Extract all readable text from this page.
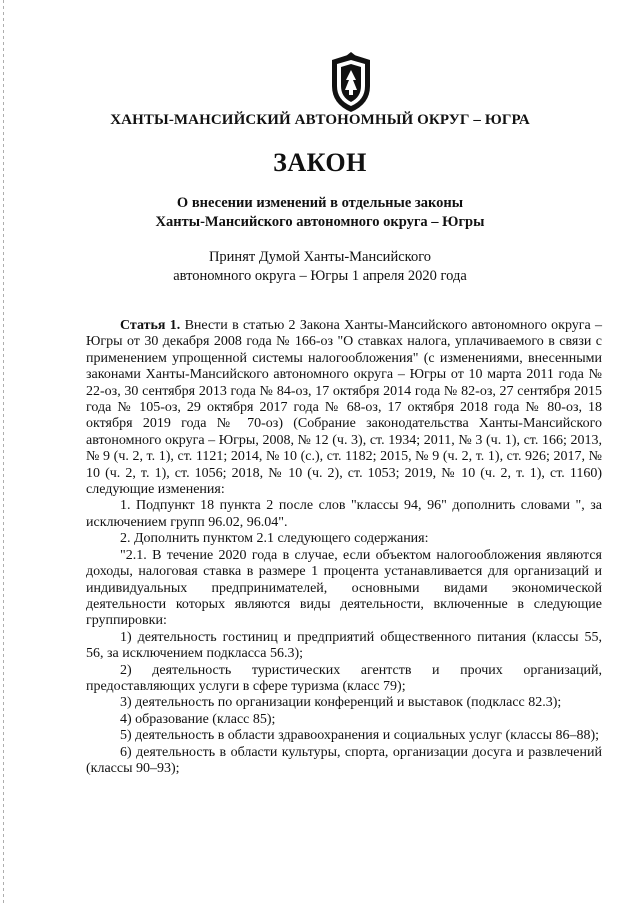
ХАНТЫ-МАНСИЙСКИЙ АВТОНОМНЫЙ ОКРУГ – ЮГРА
ЗАКОН
О внесении изменений в отдельные законы
Ханты-Мансийского автономного округа – Югры
Принят Думой Ханты-Мансийского
автономного округа – Югры 1 апреля 2020 года

Статья 1. Внести в статью 2 Закона Ханты-Мансийского автономного округа – Югры от 30 декабря 2008 года № 166-оз "О ставках налога, уплачиваемого в связи с применением упрощенной системы налогообложения" (с изменениями, внесенными законами Ханты-Мансийского автономного округа – Югры от 10 марта 2011 года № 22-оз, 30 сентября 2013 года № 84-оз, 17 октября 2014 года № 82-оз, 27 сентября 2015 года № 105-оз, 29 октября 2017 года № 68-оз, 17 октября 2018 года № 80-оз, 18 октября 2019 года № 70-оз) (Собрание законодательства Ханты-Мансийского автономного округа – Югры, 2008, № 12 (ч. 3), ст. 1934; 2011, № 3 (ч. 1), ст. 166; 2013, № 9 (ч. 2, т. 1), ст. 1121; 2014, № 10 (с.), ст. 1182; 2015, № 9 (ч. 2, т. 1), ст. 926; 2017, № 10 (ч. 2, т. 1), ст. 1056; 2018, № 10 (ч. 2), ст. 1053; 2019, № 10 (ч. 2, т. 1), ст. 1160) следующие изменения:

1. Подпункт 18 пункта 2 после слов "классы 94, 96" дополнить словами ", за исключением групп 96.02, 96.04".

2. Дополнить пунктом 2.1 следующего содержания:

"2.1. В течение 2020 года в случае, если объектом налогообложения являются доходы, налоговая ставка в размере 1 процента устанавливается для организаций и индивидуальных предпринимателей, основными видами экономической деятельности которых являются виды деятельности, включенные в следующие группировки:

1) деятельность гостиниц и предприятий общественного питания (классы 55, 56, за исключением подкласса 56.3);

2) деятельность туристических агентств и прочих организаций, предоставляющих услуги в сфере туризма (класс 79);

3) деятельность по организации конференций и выставок (подкласс 82.3);

4) образование (класс 85);

5) деятельность в области здравоохранения и социальных услуг (классы 86–88);

6) деятельность в области культуры, спорта, организации досуга и развлечений (классы 90–93);
